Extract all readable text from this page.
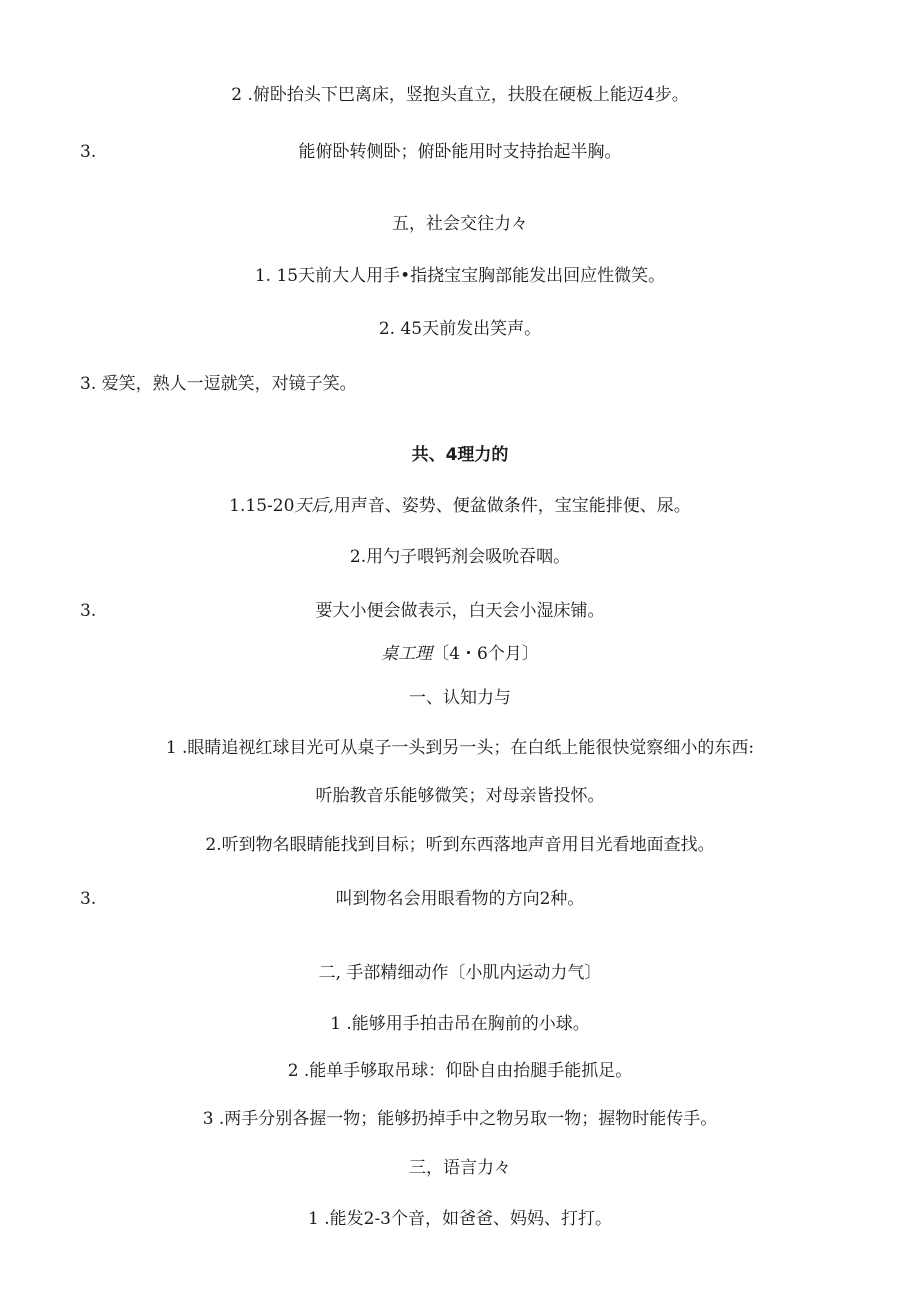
2 .俯卧抬头下巴离床，竖抱头直立，扶股在硬板上能迈4步。
3.	能俯卧转侧卧；俯卧能用时支持抬起半胸。
五，社会交往力々
1. 15天前大人用手•指挠宝宝胸部能发出回应性微笑。
2. 45天前发出笑声。
3. 爱笑，熟人一逗就笑，对镜子笑。
共、4理力的
1.15-20天后,用声音、姿势、便盆做条件，宝宝能排便、尿。
2.用勺子喂钙剂会吸吮吞咽。
3.	要大小便会做表示，白天会小湿床铺。
桌工理〔4・6个月〕
一、认知力与
1 .眼睛追视红球目光可从桌子一头到另一头；在白纸上能很快觉察细小的东西:
听胎教音乐能够微笑；对母亲皆投怀。
2.听到物名眼睛能找到目标；听到东西落地声音用目光看地面查找。
3.	叫到物名会用眼看物的方向2种。
二, 手部精细动作〔小肌内运动力气〕
1 .能够用手拍击吊在胸前的小球。
2 .能单手够取吊球：仰卧自由抬腿手能抓足。
3 .两手分别各握一物；能够扔掉手中之物另取一物；握物时能传手。
三，语言力々
1 .能发2-3个音，如爸爸、妈妈、打打。
